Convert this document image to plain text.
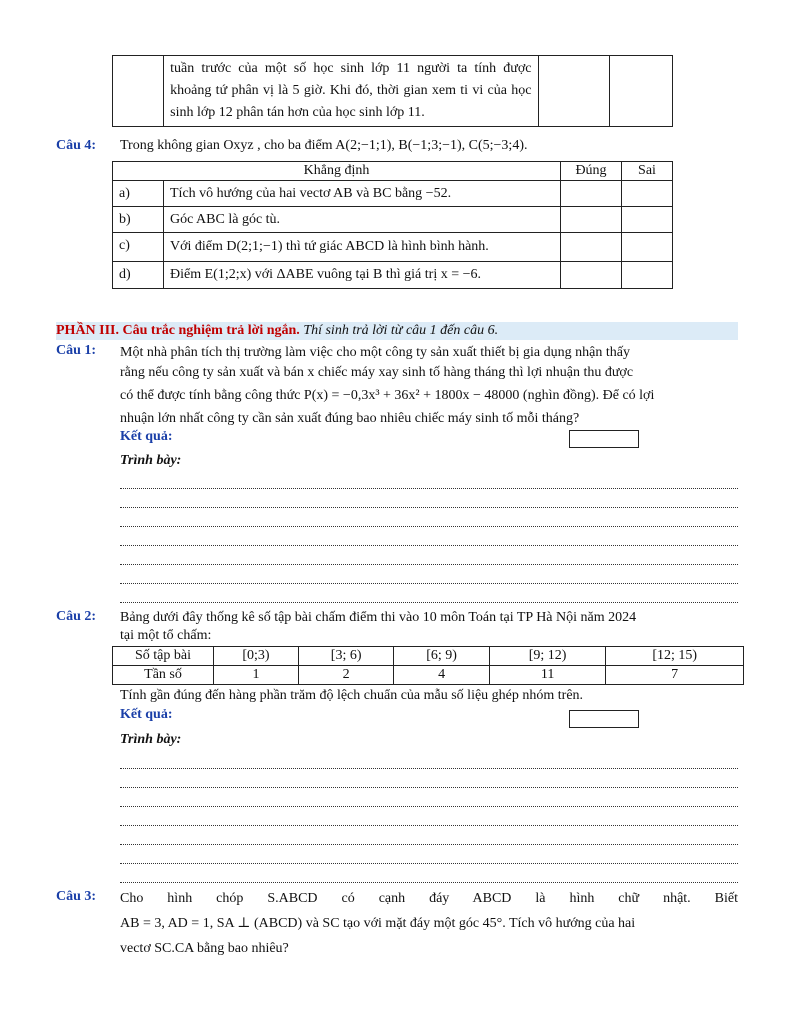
	tuần trước của một số học sinh lớp 11 người ta tính được khoảng tứ phân vị là 5 giờ. Khi đó, thời gian xem ti vi của học sinh lớp 12 phân tán hơn của học sinh lớp 11.		
Câu 4: Trong không gian Oxyz , cho ba điểm A(2;−1;1), B(−1;3;−1), C(5;−3;4).
Khẳng định		Đúng	Sai
a)	Tích vô hướng của hai vectơ AB và BC bằng −52.		
b)	Góc ABC là góc tù.		
c)	Với điểm D(2;1;−1) thì tứ giác ABCD là hình bình hành.		
d)	Điểm E(1;2;x) với ΔABE vuông tại B thì giá trị x = −6.		
PHẦN III. Câu trắc nghiệm trả lời ngắn. Thí sinh trả lời từ câu 1 đến câu 6.
Câu 1: Một nhà phân tích thị trường làm việc cho một công ty sản xuất thiết bị gia dụng nhận thấy
rằng nếu công ty sản xuất và bán x chiếc máy xay sinh tố hàng tháng thì lợi nhuận thu được
có thể được tính bằng công thức P(x) = −0,3x³ + 36x² + 1800x − 48000 (nghìn đồng). Để có lợi
nhuận lớn nhất công ty cần sản xuất đúng bao nhiêu chiếc máy sinh tố mỗi tháng?
Kết quả:
Trình bày:
Câu 2: Bảng dưới đây thống kê số tập bài chấm điểm thi vào 10 môn Toán tại TP Hà Nội năm 2024
tại một tổ chấm:
Số tập bài	[0;3)	[3; 6)	[6; 9)	[9; 12)	[12; 15)
Tần số	1	2	4	11	7
Tính gần đúng đến hàng phần trăm độ lệch chuẩn của mẫu số liệu ghép nhóm trên.
Kết quả:
Trình bày:
Câu 3: Cho hình chóp S.ABCD có cạnh đáy ABCD là hình chữ nhật. Biết
AB = 3, AD = 1, SA ⊥ (ABCD) và SC tạo với mặt đáy một góc 45°. Tích vô hướng của hai
vectơ SC.CA bằng bao nhiêu?
